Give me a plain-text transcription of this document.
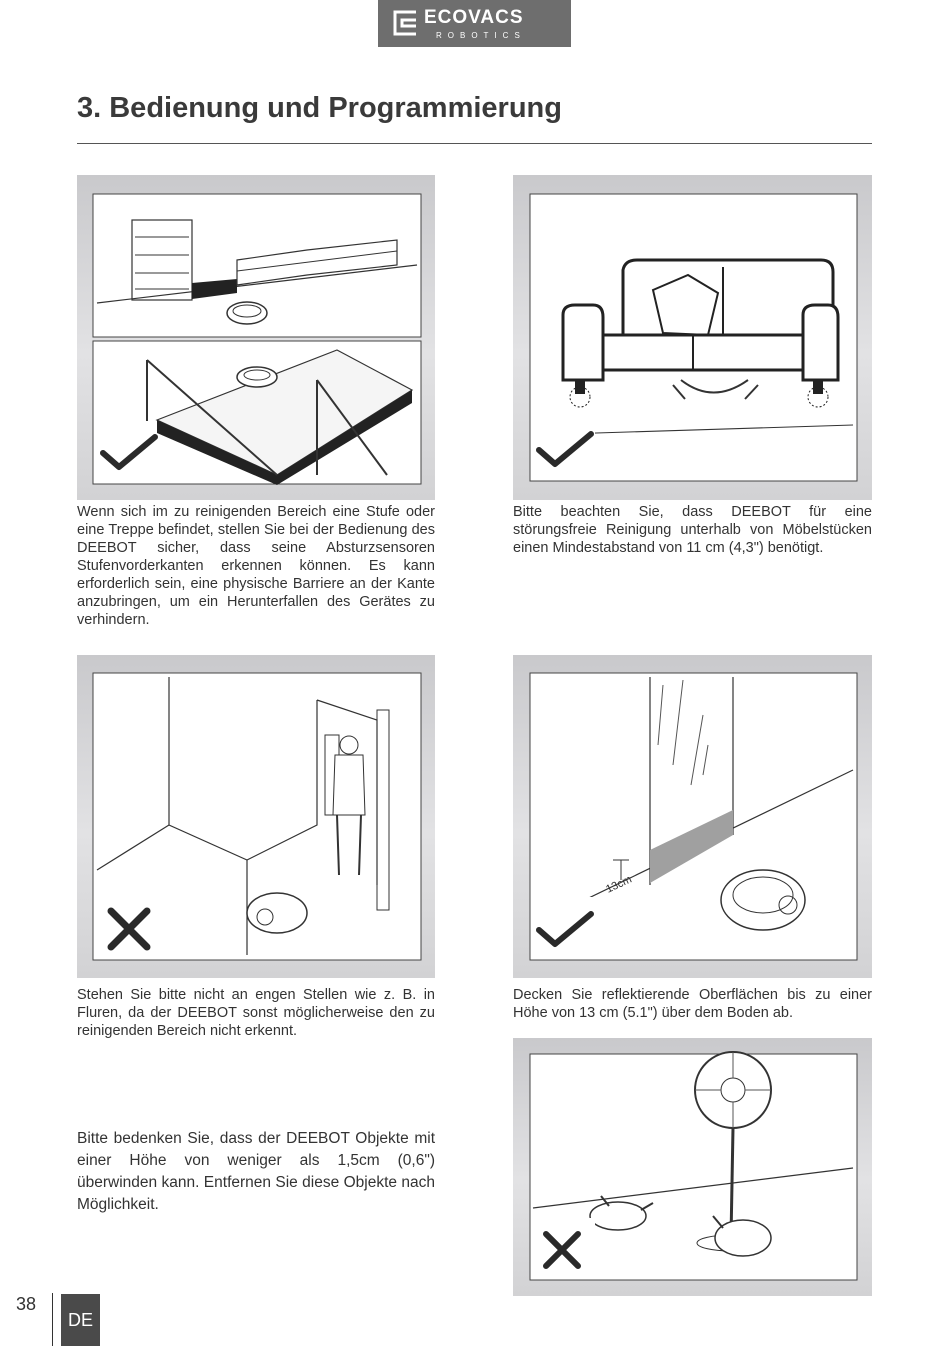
ECOVACS
ROBOTICS
3. Bedienung und Programmierung
Wenn sich im zu reinigenden Bereich eine Stufe oder eine Treppe befindet, stellen Sie bei der Bedienung des DEEBOT sicher, dass seine Absturzsensoren Stufenvorderkanten erkennen können. Es kann erforderlich sein, eine physische Barriere an der Kante anzubringen, um ein Herunterfallen des Gerätes zu verhindern.
Bitte beachten Sie, dass DEEBOT für eine störungsfreie Reinigung unterhalb von Möbelstücken einen Mindestabstand von 11 cm (4,3") benötigt.
Stehen Sie bitte nicht an engen Stellen wie z. B. in Fluren, da der DEEBOT sonst möglicherweise den zu reinigenden Bereich nicht erkennt.
13cm
Decken Sie reflektierende Oberflächen bis zu einer Höhe von 13 cm (5.1") über dem Boden ab.
Bitte bedenken Sie, dass der DEEBOT Objekte mit einer Höhe von weniger als 1,5cm (0,6") überwinden kann. Entfernen Sie diese Objekte nach Möglichkeit.
38
DE
